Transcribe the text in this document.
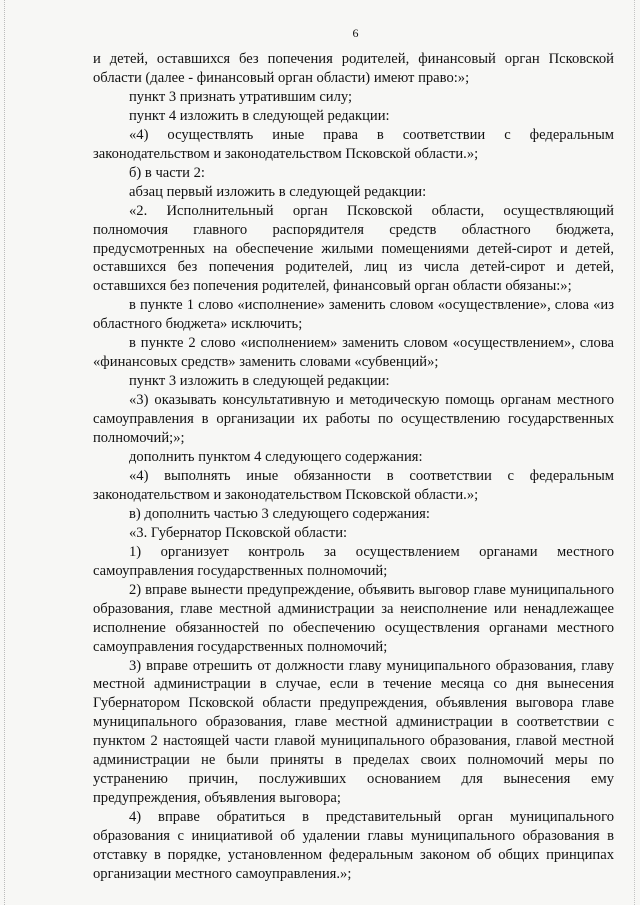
6

и детей, оставшихся без попечения родителей, финансовый орган Псковской области (далее - финансовый орган области) имеют право:»;

пункт 3 признать утратившим силу;

пункт 4 изложить в следующей редакции:

«4) осуществлять иные права в соответствии с федеральным законодательством и законодательством Псковской области.»;

б) в части 2:

абзац первый изложить в следующей редакции:

«2. Исполнительный орган Псковской области, осуществляющий полномочия главного распорядителя средств областного бюджета, предусмотренных на обеспечение жилыми помещениями детей-сирот и детей, оставшихся без попечения родителей, лиц из числа детей-сирот и детей, оставшихся без попечения родителей, финансовый орган области обязаны:»;

в пункте 1 слово «исполнение» заменить словом «осуществление», слова «из областного бюджета» исключить;

в пункте 2 слово «исполнением» заменить словом «осуществлением», слова «финансовых средств» заменить словами «субвенций»;

пункт 3 изложить в следующей редакции:

«3) оказывать консультативную и методическую помощь органам местного самоуправления в организации их работы по осуществлению государственных полномочий;»;

дополнить пунктом 4 следующего содержания:

«4) выполнять иные обязанности в соответствии с федеральным законодательством и законодательством Псковской области.»;

в) дополнить частью 3 следующего содержания:

«3. Губернатор Псковской области:

1) организует контроль за осуществлением органами местного самоуправления государственных полномочий;

2) вправе вынести предупреждение, объявить выговор главе муниципального образования, главе местной администрации за неисполнение или ненадлежащее исполнение обязанностей по обеспечению осуществления органами местного самоуправления государственных полномочий;

3) вправе отрешить от должности главу муниципального образования, главу местной администрации в случае, если в течение месяца со дня вынесения Губернатором Псковской области предупреждения, объявления выговора главе муниципального образования, главе местной администрации в соответствии с пунктом 2 настоящей части главой муниципального образования, главой местной администрации не были приняты в пределах своих полномочий меры по устранению причин, послуживших основанием для вынесения ему предупреждения, объявления выговора;

4) вправе обратиться в представительный орган муниципального образования с инициативой об удалении главы муниципального образования в отставку в порядке, установленном федеральным законом об общих принципах организации местного самоуправления.»;
